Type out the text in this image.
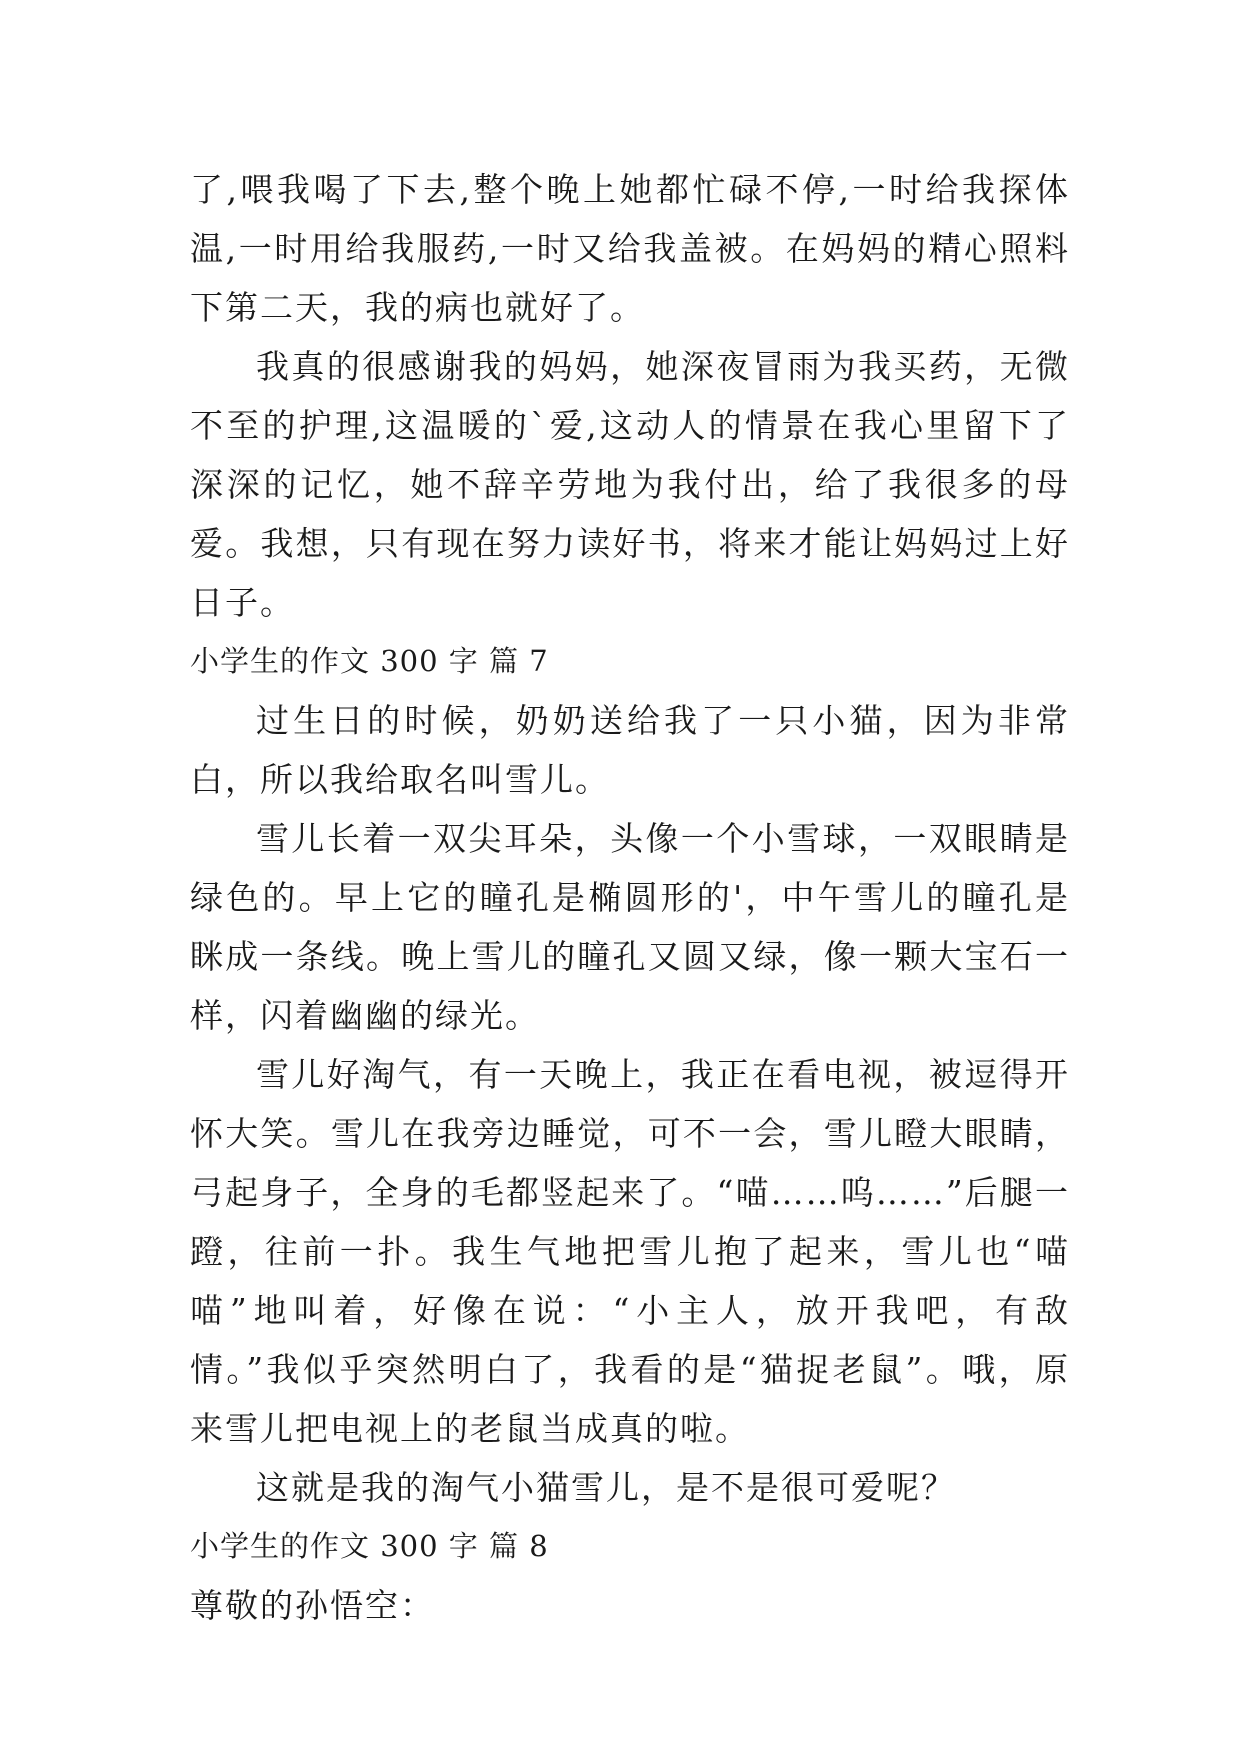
了,喂我喝了下去,整个晚上她都忙碌不停,一时给我探体温,一时用给我服药,一时又给我盖被。在妈妈的精心照料下第二天，我的病也就好了。

我真的很感谢我的妈妈，她深夜冒雨为我买药，无微不至的护理,这温暖的`爱,这动人的情景在我心里留下了深深的记忆，她不辞辛劳地为我付出，给了我很多的母爱。我想，只有现在努力读好书，将来才能让妈妈过上好日子。

小学生的作文 300 字 篇 7

过生日的时候，奶奶送给我了一只小猫，因为非常白，所以我给取名叫雪儿。

雪儿长着一双尖耳朵，头像一个小雪球，一双眼睛是绿色的。早上它的瞳孔是椭圆形的'，中午雪儿的瞳孔是眯成一条线。晚上雪儿的瞳孔又圆又绿，像一颗大宝石一样，闪着幽幽的绿光。

雪儿好淘气，有一天晚上，我正在看电视，被逗得开怀大笑。雪儿在我旁边睡觉，可不一会，雪儿瞪大眼睛，弓起身子，全身的毛都竖起来了。“喵……呜……”后腿一蹬，往前一扑。我生气地把雪儿抱了起来，雪儿也“喵喵”地叫着，好像在说：“小主人，放开我吧，有敌情。”我似乎突然明白了，我看的是“猫捉老鼠”。哦，原来雪儿把电视上的老鼠当成真的啦。

这就是我的淘气小猫雪儿，是不是很可爱呢？

小学生的作文 300 字 篇 8

尊敬的孙悟空：
